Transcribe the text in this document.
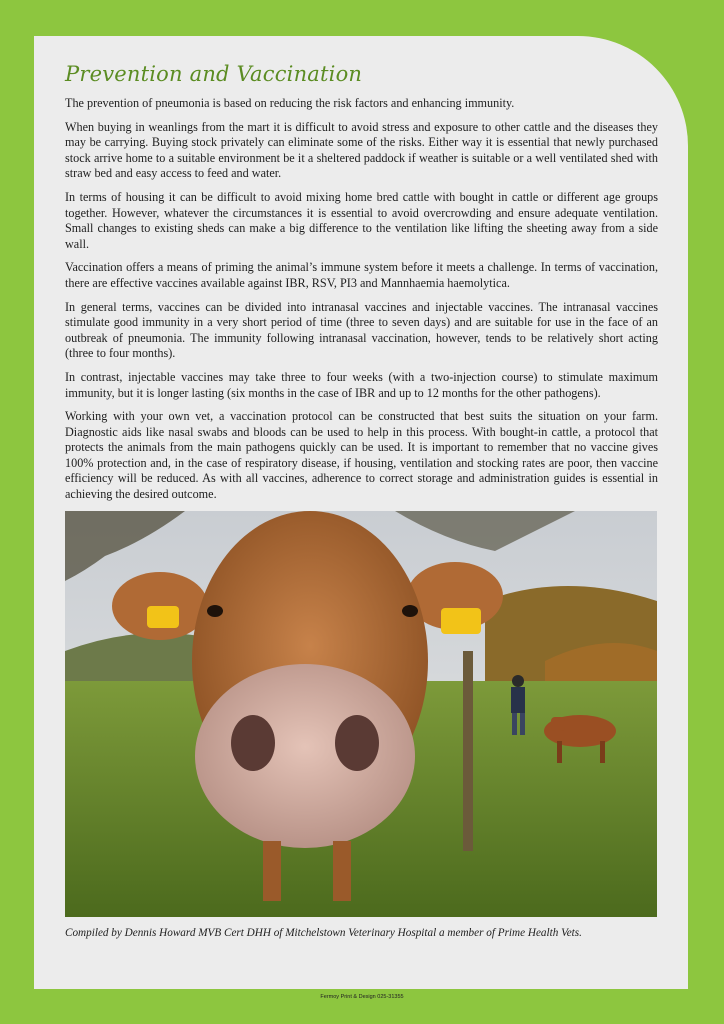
Prevention and Vaccination

The prevention of pneumonia is based on reducing the risk factors and enhancing immunity.

When buying in weanlings from the mart it is difficult to avoid stress and exposure to other cattle and the diseases they may be carrying. Buying stock privately can eliminate some of the risks. Either way it is essential that newly purchased stock arrive home to a suitable environment be it a sheltered paddock if weather is suitable or a well ventilated shed with straw bed and easy access to feed and water.

In terms of housing it can be difficult to avoid mixing home bred cattle with bought in cattle or different age groups together. However, whatever the circumstances it is essential to avoid overcrowding and ensure adequate ventilation. Small changes to existing sheds can make a big difference to the ventilation like lifting the sheeting away from a side wall.

Vaccination offers a means of priming the animal’s immune system before it meets a challenge. In terms of vaccination, there are effective vaccines available against IBR, RSV, PI3 and Mannhaemia haemolytica.

In general terms, vaccines can be divided into intranasal vaccines and injectable vaccines. The intranasal vaccines stimulate good immunity in a very short period of time (three to seven days) and are suitable for use in the face of an outbreak of pneumonia. The immunity following intranasal vaccination, however, tends to be relatively short acting (three to four months).

In contrast, injectable vaccines may take three to four weeks (with a two-injection course) to stimulate maximum immunity, but it is longer lasting (six months in the case of IBR and up to 12 months for the other pathogens).

Working with your own vet, a vaccination protocol can be constructed that best suits the situation on your farm. Diagnostic aids like nasal swabs and bloods can be used to help in this process. With bought-in cattle, a protocol that protects the animals from the main pathogens quickly can be used. It is important to remember that no vaccine gives 100% protection and, in the case of respiratory disease, if housing, ventilation and stocking rates are poor, then vaccine efficiency will be reduced. As with all vaccines, adherence to correct storage and administration guides is essential in achieving the desired outcome.

Compiled by Dennis Howard MVB Cert DHH of Mitchelstown Veterinary Hospital a member of Prime Health Vets.
Fermoy Print & Design 025-31355
